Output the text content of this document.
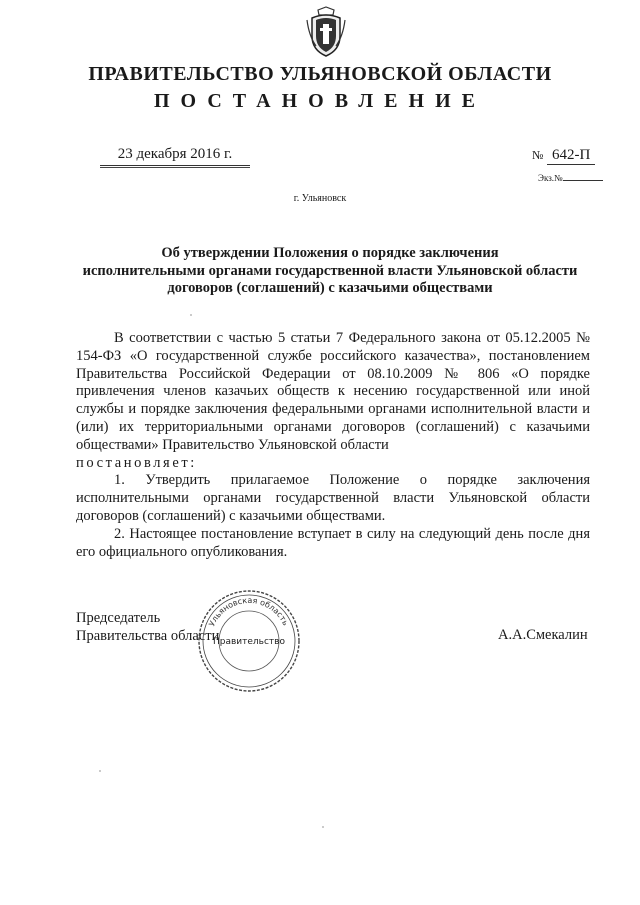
ПРАВИТЕЛЬСТВО УЛЬЯНОВСКОЙ ОБЛАСТИ
ПОСТАНОВЛЕНИЕ
23 декабря 2016 г.	№ 642-П
Экз.№
г. Ульяновск
Об утверждении Положения о порядке заключения
исполнительными органами государственной власти Ульяновской области
договоров (соглашений) с казачьими обществами

В соответствии с частью 5 статьи 7 Федерального закона от 05.12.2005 № 154-ФЗ «О государственной службе российского казачества», постановлением Правительства Российской Федерации от 08.10.2009 № 806 «О порядке привлечения членов казачьих обществ к несению государственной или иной службы и порядке заключения федеральными органами исполнительной власти и (или) их территориальными органами договоров (соглашений) с казачьими обществами» Правительство Ульяновской области

постановляет:

1. Утвердить прилагаемое Положение о порядке заключения исполнительными органами государственной власти Ульяновской области договоров (соглашений) с казачьими обществами.

2. Настоящее постановление вступает в силу на следующий день после дня его официального опубликования.

Председатель
Правительства области	А.А.Смекалин
Ульяновская область
Правительство
